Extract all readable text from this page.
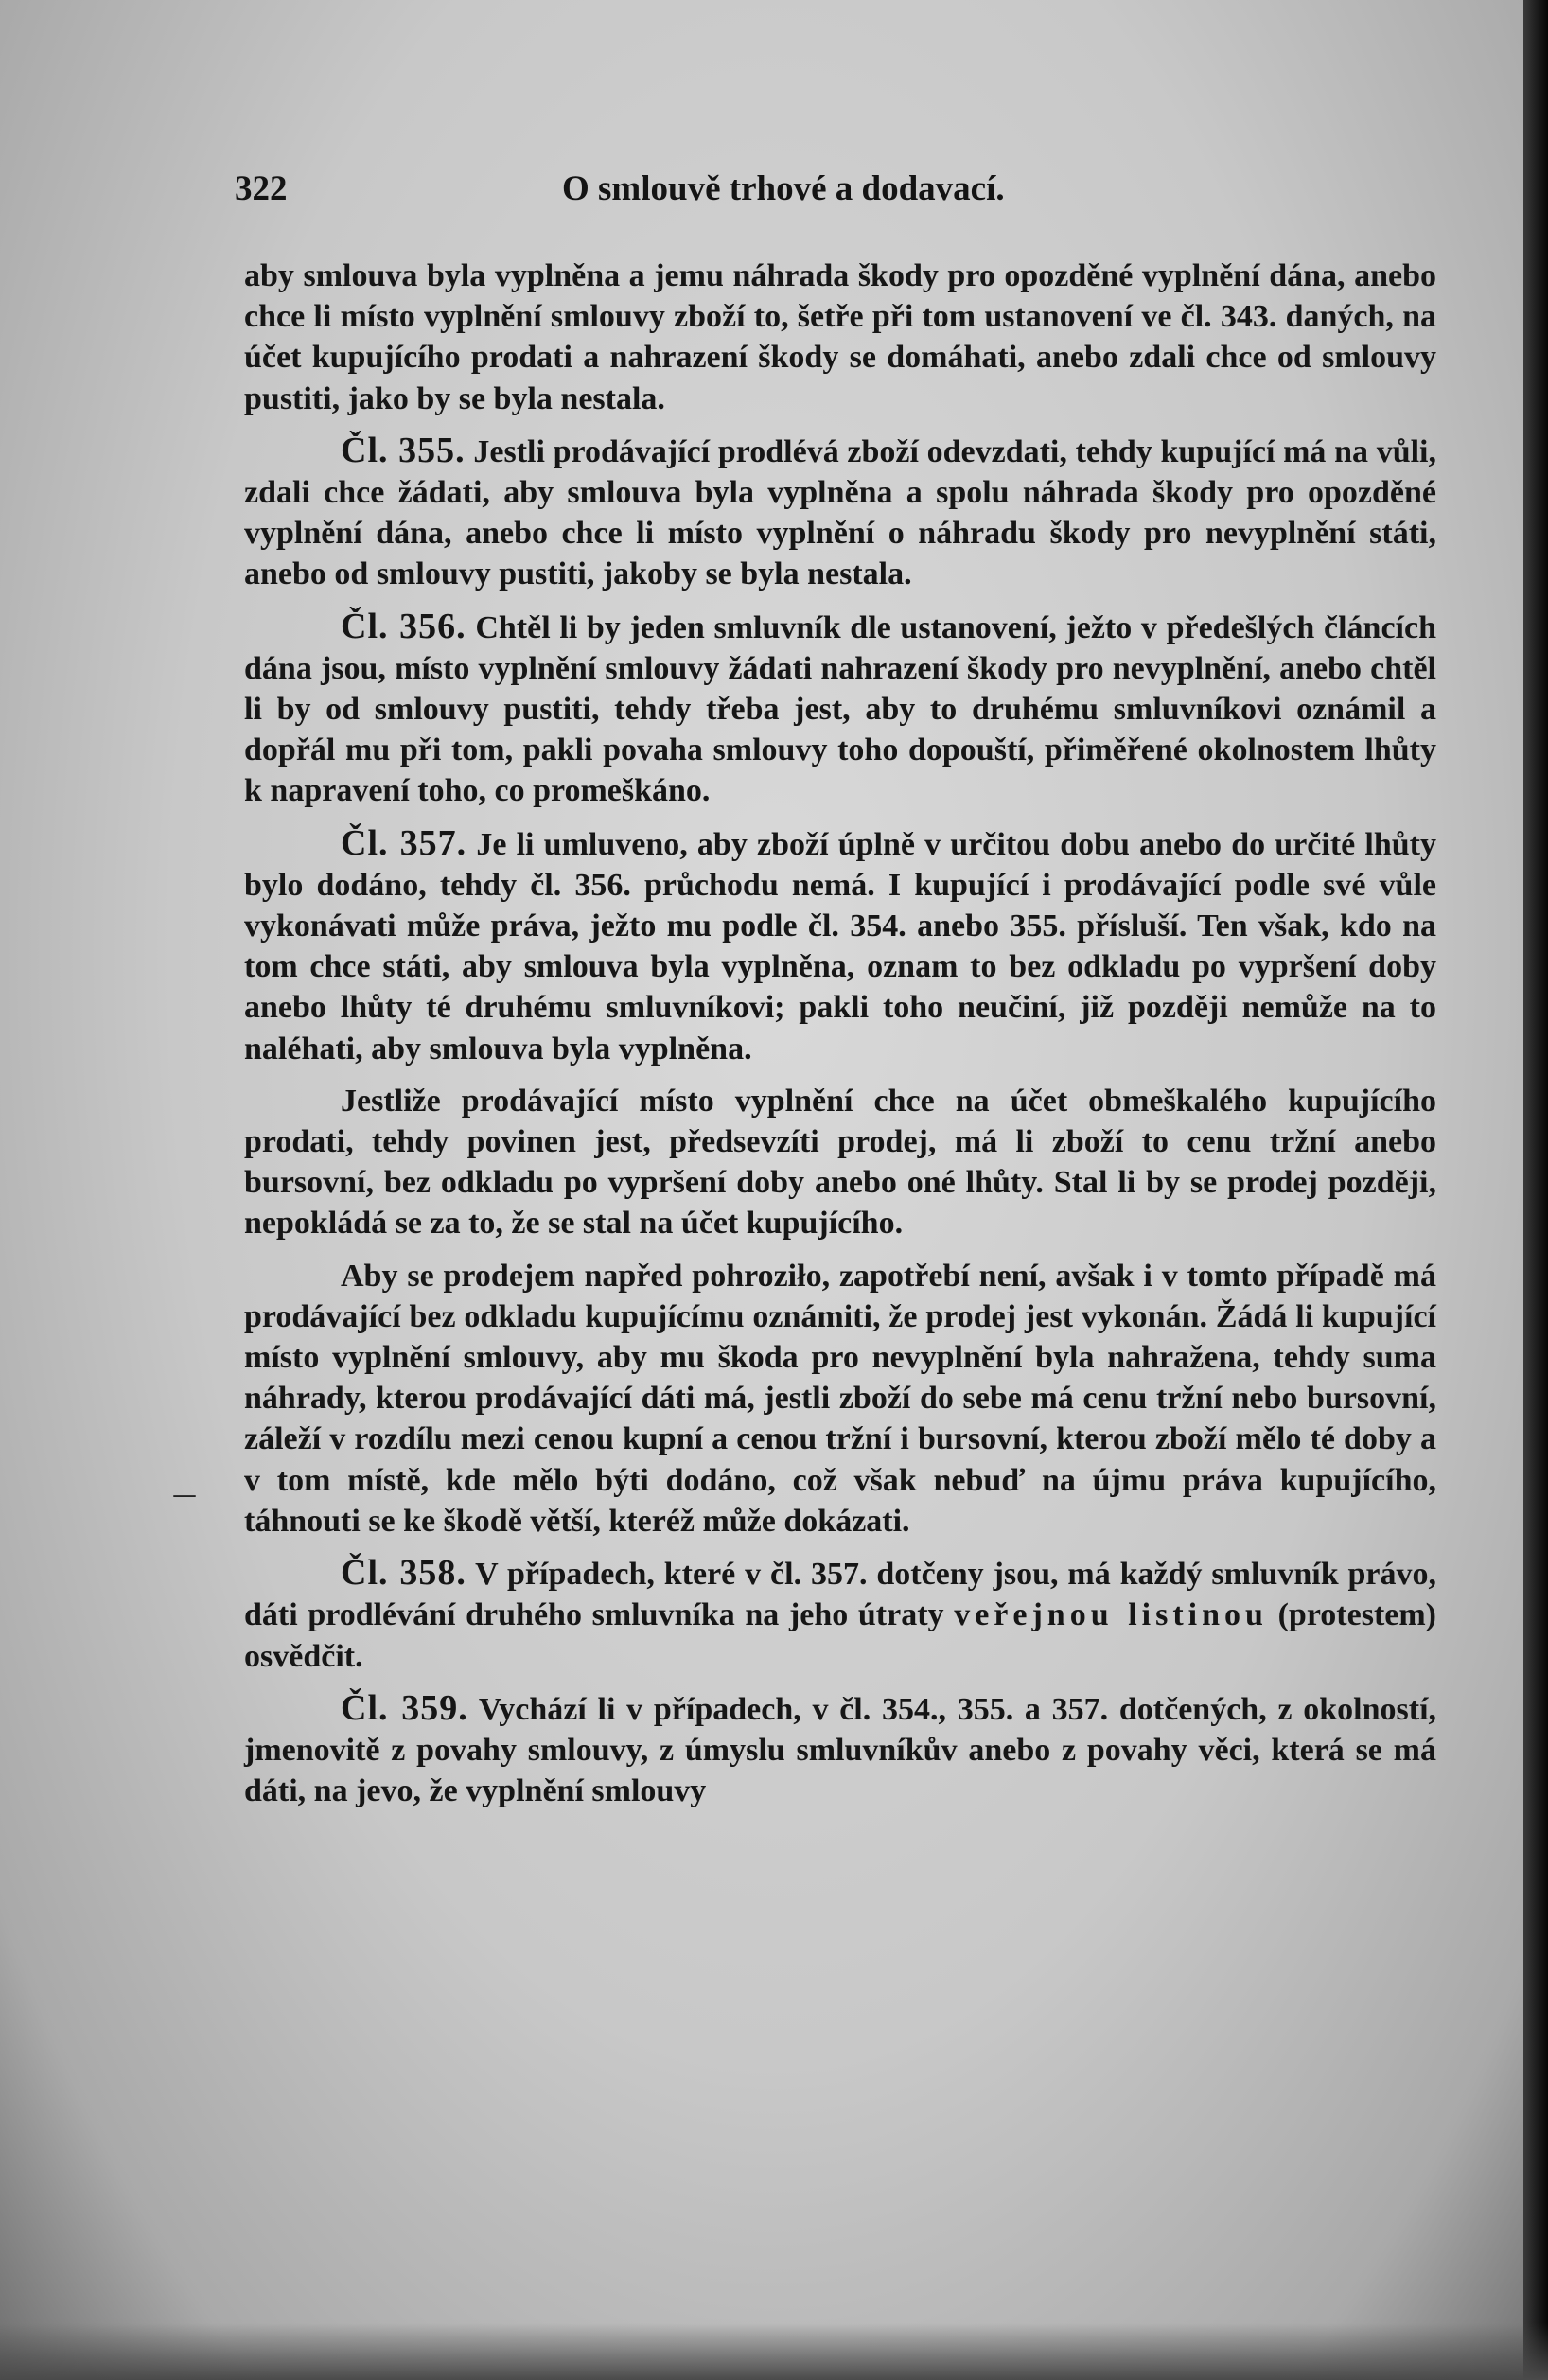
322	O smlouvě trhové a dodavací.
—

aby smlouva byla vyplněna a jemu náhrada škody pro opozděné vyplnění dána, anebo chce li místo vyplnění smlouvy zboží to, šetře při tom ustanovení ve čl. 343. daných, na účet kupujícího prodati a nahrazení škody se domáhati, anebo zdali chce od smlouvy pustiti, jako by se byla nestala.

Čl. 355. Jestli prodávající prodlévá zboží odevzdati, tehdy kupující má na vůli, zdali chce žádati, aby smlouva byla vyplněna a spolu náhrada škody pro opozděné vyplnění dána, anebo chce li místo vyplnění o náhradu škody pro nevyplnění státi, anebo od smlouvy pustiti, jakoby se byla nestala.

Čl. 356. Chtěl li by jeden smluvník dle ustanovení, ježto v předešlých článcích dána jsou, místo vyplnění smlouvy žádati nahrazení škody pro nevyplnění, anebo chtěl li by od smlouvy pustiti, tehdy třeba jest, aby to druhému smluvníkovi oznámil a dopřál mu při tom, pakli povaha smlouvy toho dopouští, přiměřené okolnostem lhůty k napravení toho, co promeškáno.

Čl. 357. Je li umluveno, aby zboží úplně v určitou dobu anebo do určité lhůty bylo dodáno, tehdy čl. 356. průchodu nemá. I kupující i prodávající podle své vůle vykonávati může práva, ježto mu podle čl. 354. anebo 355. přísluší. Ten však, kdo na tom chce státi, aby smlouva byla vyplněna, oznam to bez odkladu po vypršení doby anebo lhůty té druhému smluvníkovi; pakli toho neučiní, již později nemůže na to naléhati, aby smlouva byla vyplněna.

Jestliže prodávající místo vyplnění chce na účet obmeškalého kupujícího prodati, tehdy povinen jest, předsevzíti prodej, má li zboží to cenu tržní anebo bursovní, bez odkladu po vypršení doby anebo oné lhůty. Stal li by se prodej později, nepokládá se za to, že se stal na účet kupujícího.

Aby se prodejem napřed pohroziło, zapotřebí není, avšak i v tomto případě má prodávající bez odkladu kupujícímu oznámiti, že prodej jest vykonán. Žádá li kupující místo vyplnění smlouvy, aby mu škoda pro nevyplnění byla nahražena, tehdy suma náhrady, kterou prodávající dáti má, jestli zboží do sebe má cenu tržní nebo bursovní, záleží v rozdílu mezi cenou kupní a cenou tržní i bursovní, kterou zboží mělo té doby a v tom místě, kde mělo býti dodáno, což však nebuď na újmu práva kupujícího, táhnouti se ke škodě větší, kteréž může dokázati.

Čl. 358. V případech, které v čl. 357. dotčeny jsou, má každý smluvník právo, dáti prodlévání druhého smluvníka na jeho útraty veřejnou listinou (protestem) osvědčit.

Čl. 359. Vychází li v případech, v čl. 354., 355. a 357. dotčených, z okolností, jmenovitě z povahy smlouvy, z úmyslu smluvníkův anebo z povahy věci, která se má dáti, na jevo, že vyplnění smlouvy
